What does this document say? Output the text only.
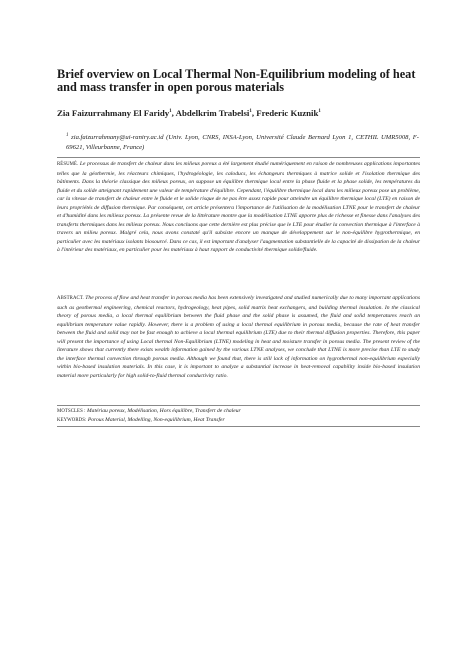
Brief overview on Local Thermal Non-Equilibrium modeling of heat and mass transfer in open porous materials
Zia Faizurrahmany El Faridy$^1$, Abdelkrim Trabelsi$^1$, Frederic Kuznik$^1$
$^1$ zia.faizurrahmany@ui-raniry.ac.id (Univ. Lyon, CNRS, INSA-Lyon, Université Claude Bernard Lyon 1, CETHIL UMR5008, F-69621, Villeurbanne, France)
RÉSUMÉ. Le processus de transfert de chaleur dans les milieux poreux a été largement étudié numériquement en raison de nombreuses applications importantes telles que la géothermie, les réacteurs chimiques, l'hydrogéologie, les caloducs, les échangeurs thermiques à matrice solide et l'isolation thermique des bâtiments. Dans la théorie classique des milieux poreux, on suppose un équilibre thermique local entre la phase fluide et la phase solide, les températures du fluide et du solide atteignant rapidement une valeur de température d'équilibre. Cependant, l'équilibre thermique local dans les milieux poreux pose un problème, car la vitesse de transfert de chaleur entre le fluide et le solide risque de ne pas être assez rapide pour atteindre un équilibre thermique local (LTE) en raison de leurs propriétés de diffusion thermique. Par conséquent, cet article présentera l'importance de l'utilisation de la modélisation LTNE pour le transfert de chaleur et d'humidité dans les milieux poreux. La présente revue de la littérature montre que la modélisation LTNE apporte plus de richesse et finesse dans l'analyses des transferts thermiques dans les milieux poreux. Nous concluons que cette dernière est plus précise que le LTE pour étudier la convection thermique à l'interface à travers un milieu poreux. Malgré cela, nous avons constaté qu'il subsiste encore un manque de développement sur le non-équilibre hygrothermique, en particulier avec les matériaux isolants biosourcé. Dans ce cas, il est important d'analyser l'augmentation substantielle de la capacité de dissipation de la chaleur à l'intérieur des matériaux, en particulier pour les matériaux à haut rapport de conductivité thermique solide/fluide.
ABSTRACT. The process of flow and heat transfer in porous media has been extensively investigated and studied numerically due to many important applications such as geothermal engineering, chemical reactors, hydrogeology, heat pipes, solid matrix heat exchangers, and building thermal insulation. In the classical theory of porous media, a local thermal equilibrium between the fluid phase and the solid phase is assumed, the fluid and solid temperatures reach an equilibrium temperature value rapidly. However, there is a problem of using a local thermal equilibrium in porous media, because the rate of heat transfer between the fluid and solid may not be fast enough to achieve a local thermal equilibrium (LTE) due to their thermal diffusion properties. Therefore, this paper will present the importance of using Local thermal Non-Equilibrium (LTNE) modeling in heat and moisture transfer in porous media. The present review of the literature shows that currently there exists wealth information gained by the various LTNE analyses, we conclude that LTNE is more precise than LTE to study the interface thermal convection through porous media. Although we found that, there is still lack of information on hygrothermal non-equilibrium especially within bio-based insulation materials. In this case, it is important to analyze a substantial increase in heat-removal capability inside bio-based insulation material more particularly for high solid-to-fluid thermal conductivity ratio.
MOTSCLES : Matériau poreux, Modélisation, Hors équilibre, Transfert de chaleur
KEYWORDS: Porous Material, Modelling, Non-equilibrium, Heat Transfer
